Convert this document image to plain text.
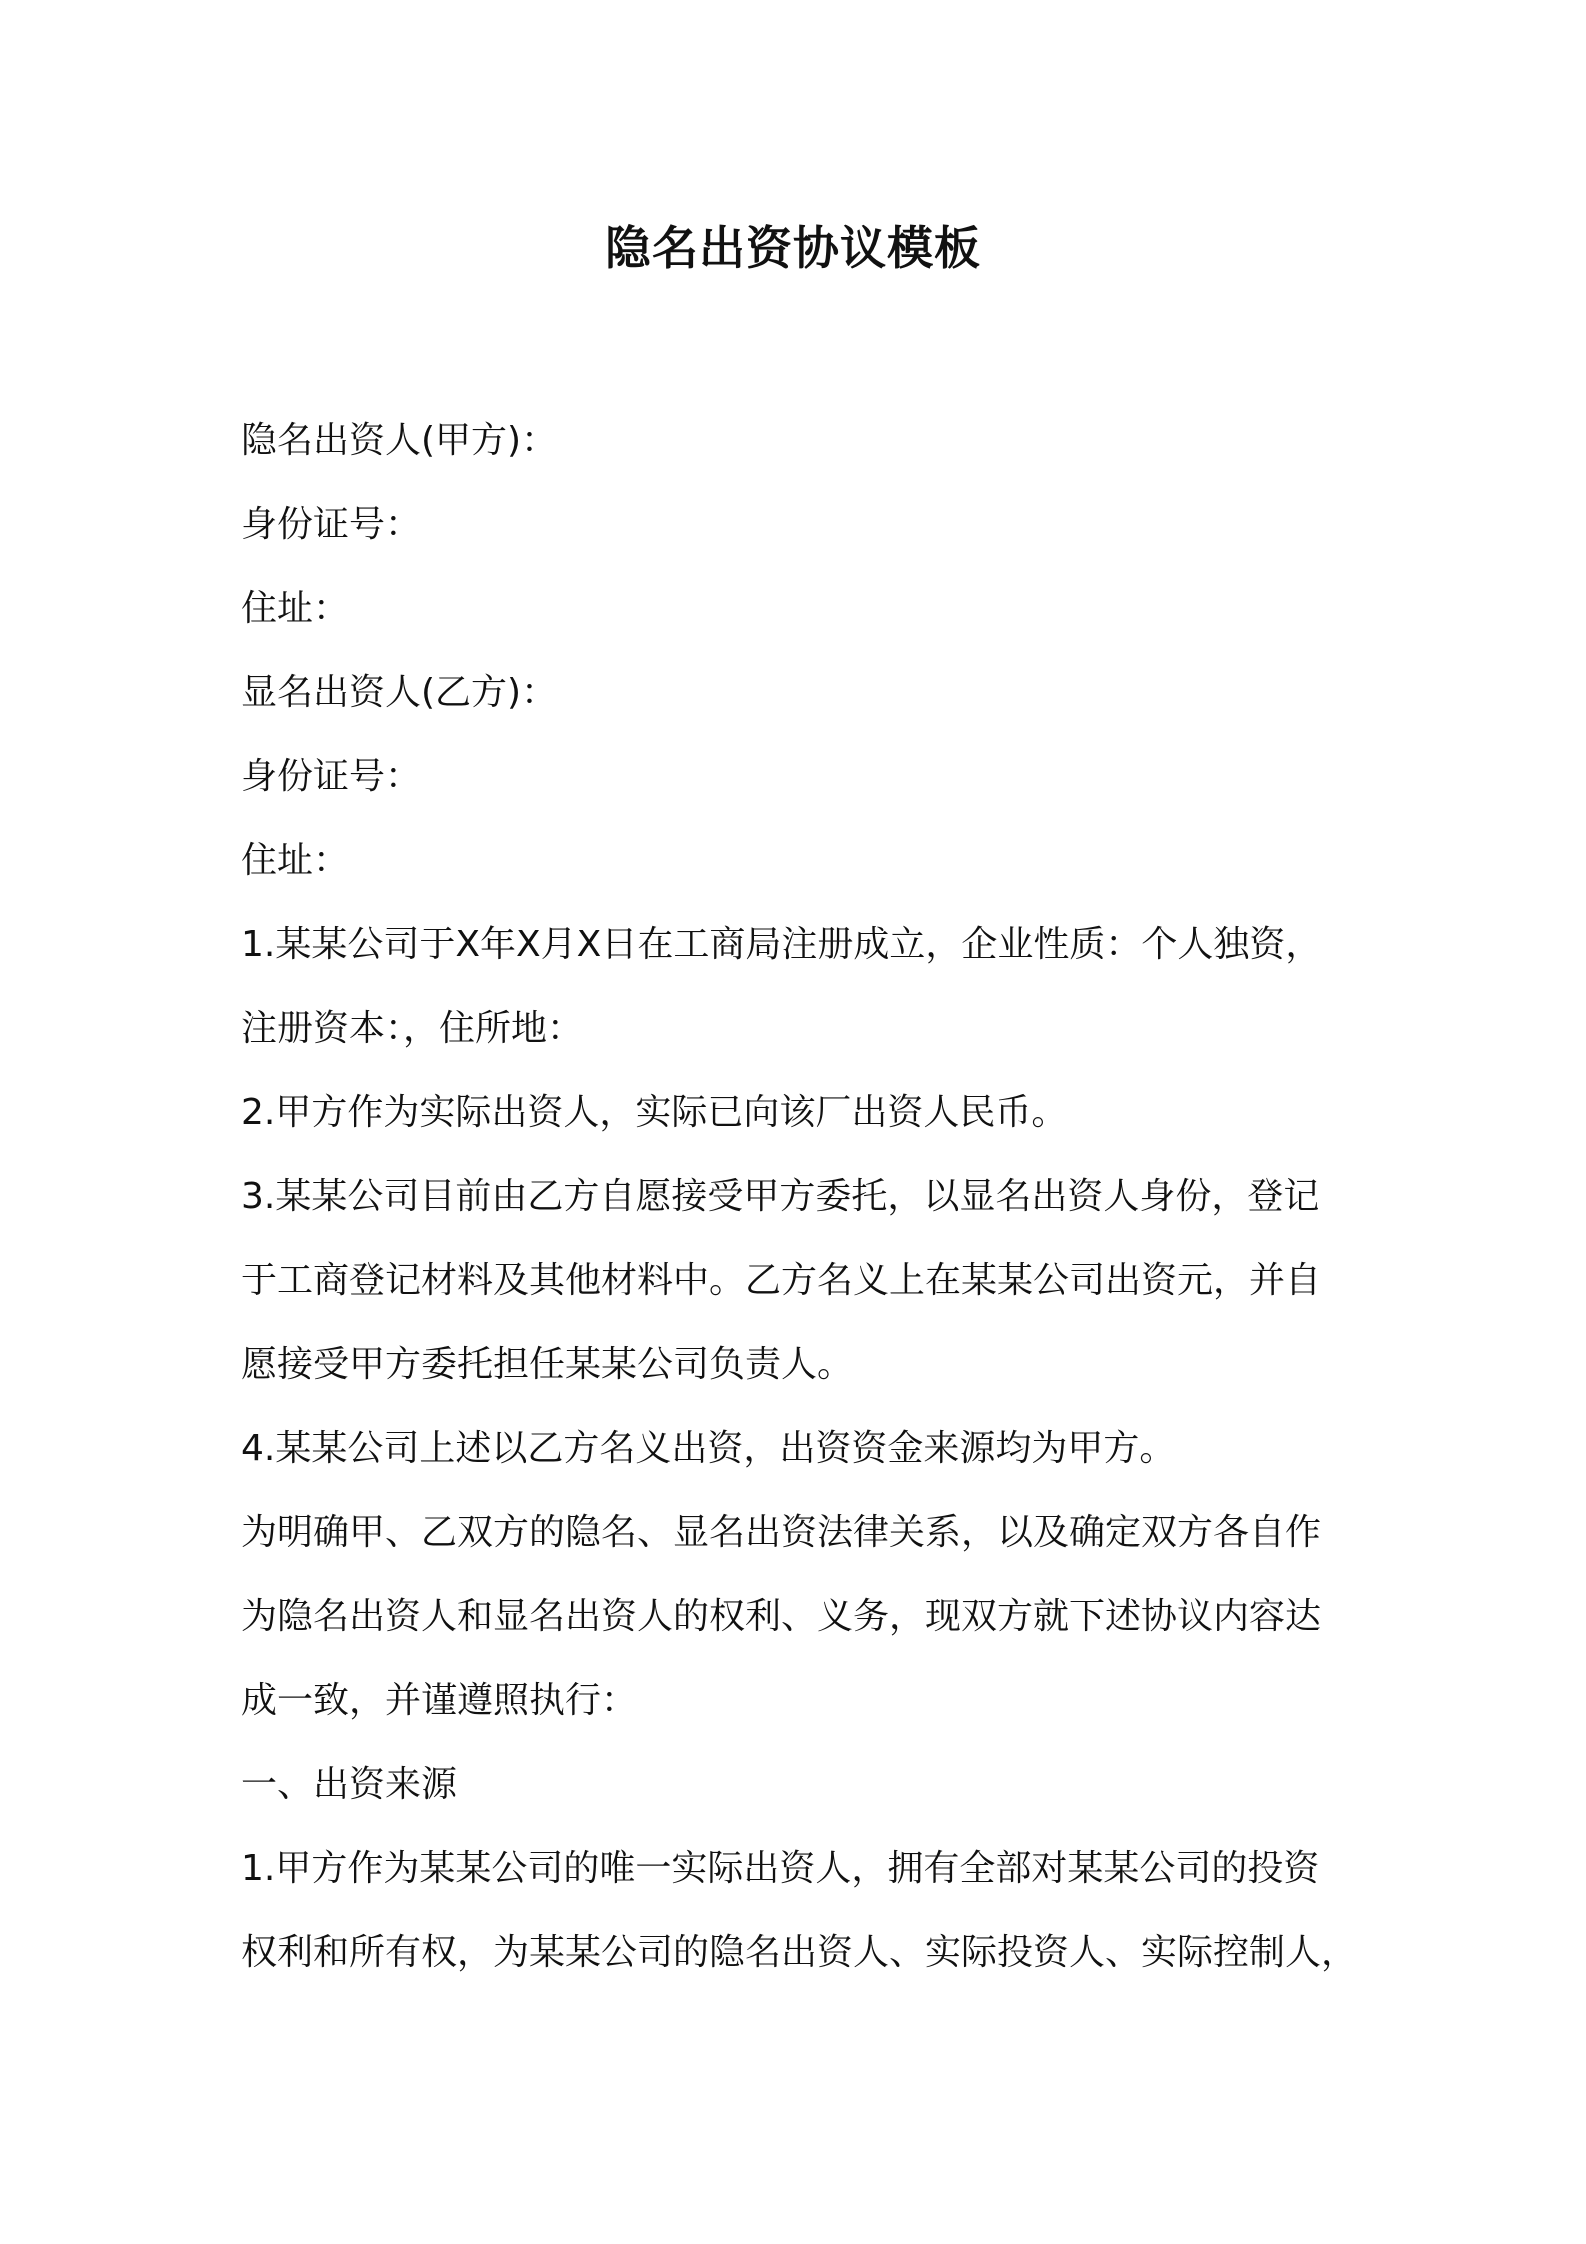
隐名出资协议模板

隐名出资人(甲方)：

身份证号：

住址：

显名出资人(乙方)：

身份证号：

住址：

1.某某公司于Χ年Χ月Χ日在工商局注册成立，企业性质：个人独资，

注册资本：，住所地：

2.甲方作为实际出资人，实际已向该厂出资人民币。

3.某某公司目前由乙方自愿接受甲方委托，以显名出资人身份，登记

于工商登记材料及其他材料中。乙方名义上在某某公司出资元，并自

愿接受甲方委托担任某某公司负责人。

4.某某公司上述以乙方名义出资，出资资金来源均为甲方。

为明确甲、乙双方的隐名、显名出资法律关系，以及确定双方各自作

为隐名出资人和显名出资人的权利、义务，现双方就下述协议内容达

成一致，并谨遵照执行：

一、出资来源

1.甲方作为某某公司的唯一实际出资人，拥有全部对某某公司的投资

权利和所有权，为某某公司的隐名出资人、实际投资人、实际控制人，
